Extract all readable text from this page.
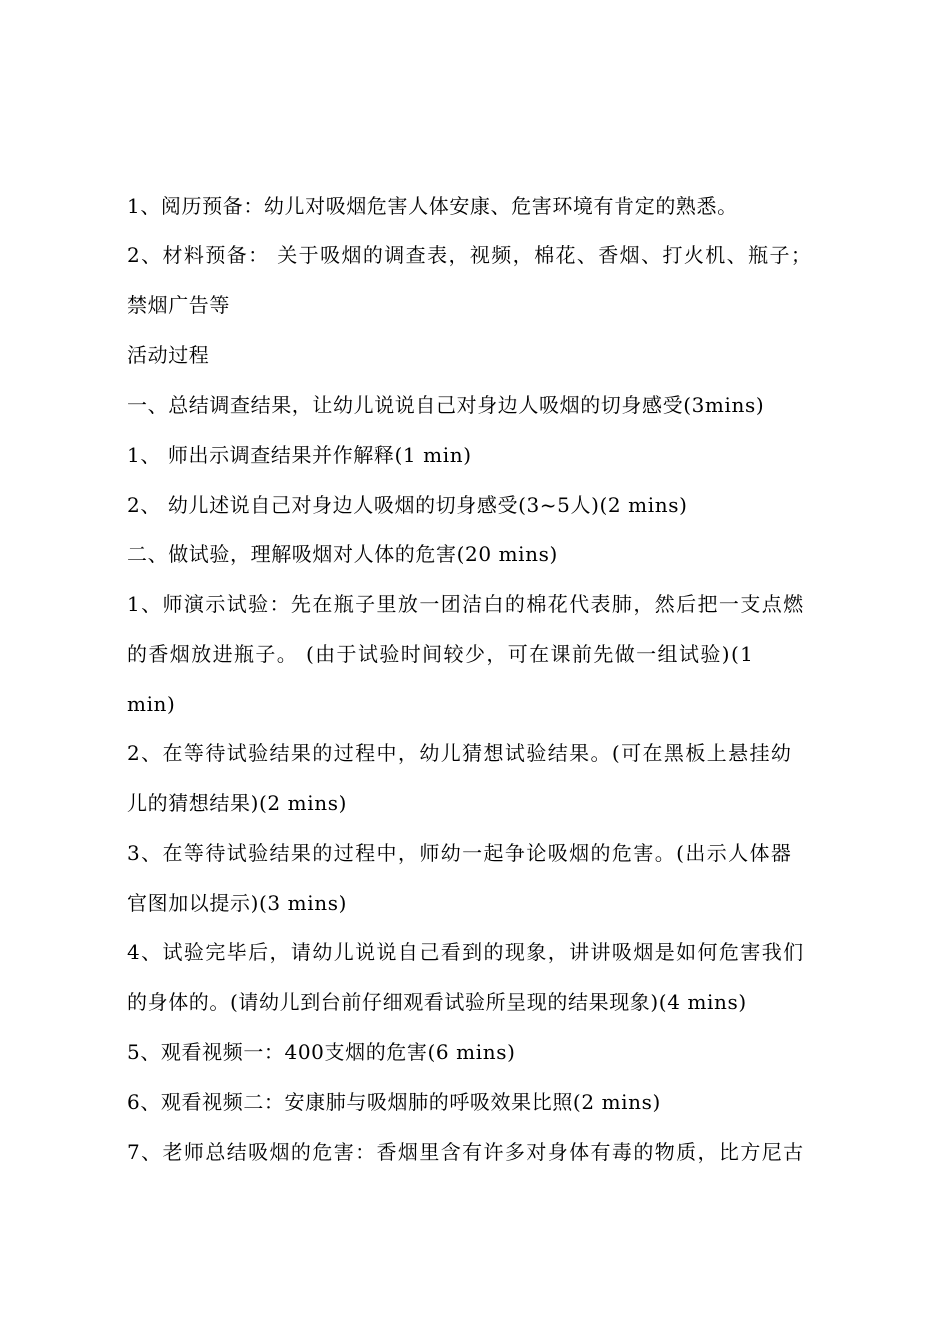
1、阅历预备：幼儿对吸烟危害人体安康、危害环境有肯定的熟悉。
2、材料预备： 关于吸烟的调查表，视频，棉花、香烟、打火机、瓶子；
禁烟广告等
活动过程
一、总结调查结果，让幼儿说说自己对身边人吸烟的切身感受(3mins)
1、 师出示调查结果并作解释(1 min)
2、 幼儿述说自己对身边人吸烟的切身感受(3~5人)(2 mins)
二、做试验，理解吸烟对人体的危害(20 mins)
1、师演示试验：先在瓶子里放一团洁白的棉花代表肺，然后把一支点燃
的香烟放进瓶子。 (由于试验时间较少，可在课前先做一组试验)(1
min)
2、在等待试验结果的过程中，幼儿猜想试验结果。(可在黑板上悬挂幼
儿的猜想结果)(2 mins)
3、在等待试验结果的过程中，师幼一起争论吸烟的危害。(出示人体器
官图加以提示)(3 mins)
4、试验完毕后，请幼儿说说自己看到的现象，讲讲吸烟是如何危害我们
的身体的。(请幼儿到台前仔细观看试验所呈现的结果现象)(4 mins)
5、观看视频一：400支烟的危害(6 mins)
6、观看视频二：安康肺与吸烟肺的呼吸效果比照(2 mins)
7、老师总结吸烟的危害：香烟里含有许多对身体有毒的物质，比方尼古
